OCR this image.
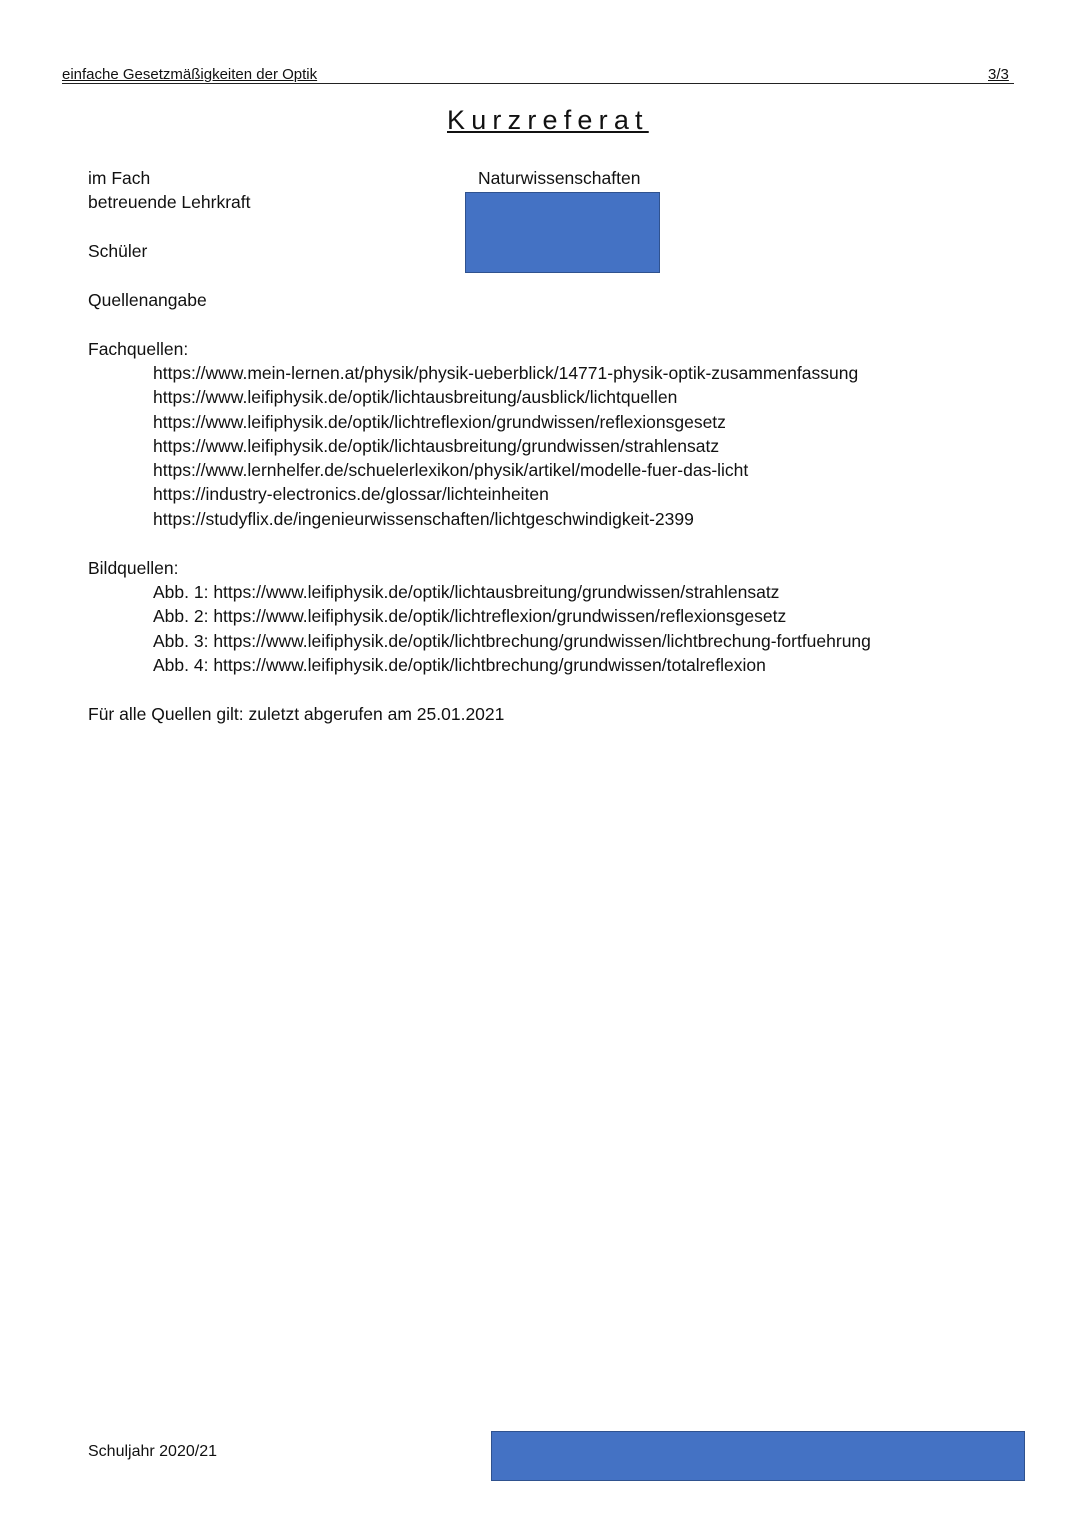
einfache Gesetzmäßigkeiten der Optik	3/3
Kurzreferat
im Fach	Naturwissenschaften
betreuende Lehrkraft
Schüler
Quellenangabe
Fachquellen:
https://www.mein-lernen.at/physik/physik-ueberblick/14771-physik-optik-zusammenfassung
https://www.leifiphysik.de/optik/lichtausbreitung/ausblick/lichtquellen
https://www.leifiphysik.de/optik/lichtreflexion/grundwissen/reflexionsgesetz
https://www.leifiphysik.de/optik/lichtausbreitung/grundwissen/strahlensatz
https://www.lernhelfer.de/schuelerlexikon/physik/artikel/modelle-fuer-das-licht
https://industry-electronics.de/glossar/lichteinheiten
https://studyflix.de/ingenieurwissenschaften/lichtgeschwindigkeit-2399
Bildquellen:
Abb. 1: https://www.leifiphysik.de/optik/lichtausbreitung/grundwissen/strahlensatz
Abb. 2: https://www.leifiphysik.de/optik/lichtreflexion/grundwissen/reflexionsgesetz
Abb. 3: https://www.leifiphysik.de/optik/lichtbrechung/grundwissen/lichtbrechung-fortfuehrung
Abb. 4: https://www.leifiphysik.de/optik/lichtbrechung/grundwissen/totalreflexion
Für alle Quellen gilt: zuletzt abgerufen am 25.01.2021
Schuljahr 2020/21
